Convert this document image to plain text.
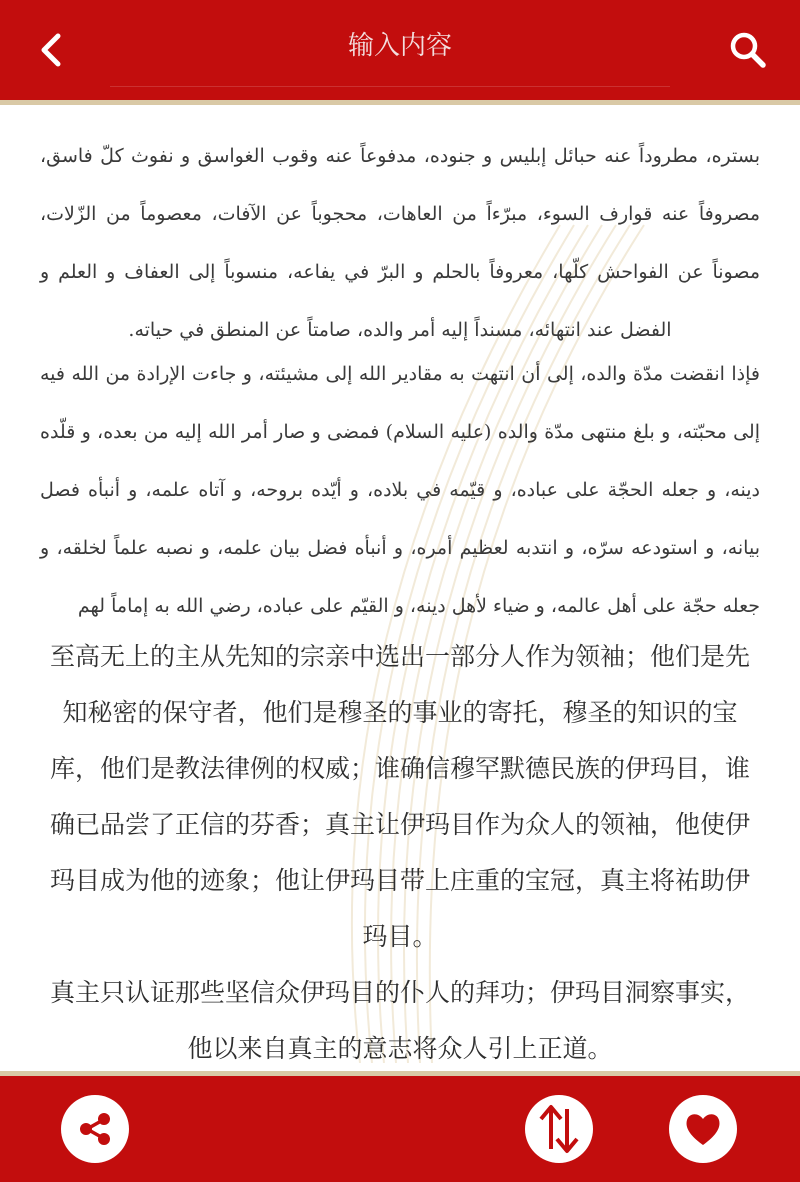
输入内容

بستره، مطروداً عنه حبائل إبليس و جنوده، مدفوعاً عنه وقوب الغواسق و نفوث كلّ فاسق، مصروفاً عنه قوارف السوء، مبرّءاً من العاهات، محجوباً عن الآفات، معصوماً من الزّلات، مصوناً عن الفواحش كلّها، معروفاً بالحلم و البرّ في يفاعه، منسوباً إلى العفاف و العلم و الفضل عند انتهائه، مسنداً إليه أمر والده، صامتاً عن المنطق في حياته.

فإذا انقضت مدّة والده، إلى أن انتهت به مقادير الله إلى مشيئته، و جاءت الإرادة من الله فيه إلى محبّته، و بلغ منتهى مدّة والده (عليه السلام) فمضى و صار أمر الله إليه من بعده، و قلّده دينه، و جعله الحجّة على عباده، و قيّمه في بلاده، و أيّده بروحه، و آتاه علمه، و أنبأه فصل بيانه، و استودعه سرّه، و انتدبه لعظيم أمره، و أنبأه فضل بيان علمه، و نصبه علماً لخلقه، و جعله حجّة على أهل عالمه، و ضياء لأهل دينه، و القيّم على عباده، رضي الله به إماماً لهم

至高无上的主从先知的宗亲中选出一部分人作为领袖；他们是先知秘密的保守者，他们是穆圣的事业的寄托，穆圣的知识的宝库，他们是教法律例的权威；谁确信穆罕默德民族的伊玛目，谁确已品尝了正信的芬香；真主让伊玛目作为众人的领袖，他使伊玛目成为他的迹象；他让伊玛目带上庄重的宝冠，真主将祐助伊玛目。

真主只认证那些坚信众伊玛目的仆人的拜功；伊玛目洞察事实，他以来自真主的意志将众人引上正道。
